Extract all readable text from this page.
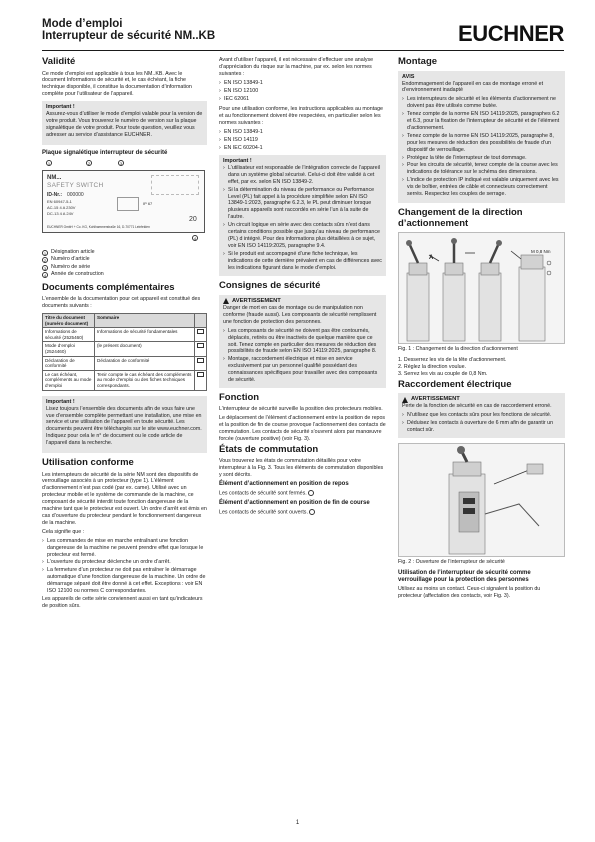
Mode d’emploi
Interrupteur de sécurité NM..KB	EUCHNER
Validité

Ce mode d’emploi est applicable à tous les NM..KB. Avec le document Informations de sécurité et, le cas échéant, la fiche technique disponible, il constitue la documentation d’information complète pour l’utilisateur de l’appareil.

Important !

Assurez-vous d’utiliser le mode d’emploi valable pour la version de votre produit. Vous trouverez le numéro de version sur la plaque signalétique de votre produit. Pour toute question, veuillez vous adresser au service d’assistance EUCHNER.

Plaque signalétique interrupteur de sécurité
1	2	3
NM...
SAFETY SWITCH
ID-Nr.: 000000
EN 60947-5-1
AC-15 4 A 230V
DC-13 4 A 24V
IP 67
EUCHNER GmbH + Co. KG, Kohlhammerstraße 16, D-70771 Leinfelden
20
4
1 Désignation article
2 Numéro d’article
3 Numéro de série
4 Année de construction
Documents complémentaires

L’ensemble de la documentation pour cet appareil est constitué des documents suivants :

Titre du document (numéro document)	Sommaire	
Informations de sécurité (2525460)	Informations de sécurité fondamentales	
Mode d’emploi (2524460)	(le présent document)	
Déclaration de conformité	Déclaration de conformité	
Le cas échéant, compléments au mode d’emploi	Tenir compte le cas échéant des compléments au mode d’emploi ou des fiches techniques correspondants.	
Important !

Lisez toujours l’ensemble des documents afin de vous faire une vue d’ensemble complète permettant une installation, une mise en service et une utilisation de l’appareil en toute sécurité. Les documents peuvent être téléchargés sur le site www.euchner.com. Indiquez pour cela le n° de document ou le code article de l’appareil dans la recherche.

Utilisation conforme

Les interrupteurs de sécurité de la série NM sont des dispositifs de verrouillage associés à un protecteur (type 1). L’élément d’actionnement n’est pas codé (par ex. came). Utilisé avec un protecteur mobile et le système de commande de la machine, ce composant de sécurité interdit toute fonction dangereuse de la machine tant que le protecteur est ouvert. Un ordre d’arrêt est émis en cas d’ouverture du protecteur pendant le fonctionnement dangereux de la machine.

Cela signifie que :

› Les commandes de mise en marche entraînant une fonction dangereuse de la machine ne peuvent prendre effet que lorsque le protecteur est fermé.
› L’ouverture du protecteur déclenche un ordre d’arrêt.
› La fermeture d’un protecteur ne doit pas entraîner le démarrage automatique d’une fonction dangereuse de la machine. Un ordre de démarrage séparé doit être donné à cet effet. Exceptions : voir EN ISO 12100 ou normes C correspondantes.

Les appareils de cette série conviennent aussi en tant qu’indicateurs de position sûrs.

Avant d’utiliser l’appareil, il est nécessaire d’effectuer une analyse d’appréciation du risque sur la machine, par ex. selon les normes suivantes :

› EN ISO 13849-1
› EN ISO 12100
› IEC 62061

Pour une utilisation conforme, les instructions applicables au montage et au fonctionnement doivent être respectées, en particulier selon les normes suivantes :

› EN ISO 13849-1
› EN ISO 14119
› EN IEC 60204-1
Important !
› L’utilisateur est responsable de l’intégration correcte de l’appareil dans un système global sécurisé. Celui-ci doit être validé à cet effet, par ex. selon EN ISO 13849-2.
› Si la détermination du niveau de performance ou Performance Level (PL) fait appel à la procédure simplifiée selon EN ISO 13849-1:2023, paragraphe 6.2.3, le PL peut diminuer lorsque plusieurs appareils sont raccordés en série l’un à la suite de l’autre.
› Un circuit logique en série avec des contacts sûrs n’est dans certains conditions possible que jusqu’au niveau de performance (PL) d intégré. Pour des informations plus détaillées à ce sujet, voir EN ISO 14119:2025, paragraphe 9.4.
› Si le produit est accompagné d’une fiche technique, les indications de cette dernière prévalent en cas de différences avec les indications figurant dans le mode d’emploi.
Consignes de sécurité
AVERTISSEMENT

Danger de mort en cas de montage ou de manipulation non conforme (fraude aussi). Les composants de sécurité remplissent une fonction de protection des personnes.

› Les composants de sécurité ne doivent pas être contournés, déplacés, retirés ou être inactivés de quelque manière que ce soit. Tenez compte en particulier des mesures de réduction des possibilités de fraude selon EN ISO 14119:2025, paragraphe 8.
› Montage, raccordement électrique et mise en service exclusivement par un personnel qualifié possédant des connaissances spécifiques pour travailler avec des composants de sécurité.
Fonction

L’interrupteur de sécurité surveille la position des protecteurs mobiles.

Le déplacement de l’élément d’actionnement entre la position de repos et la position de fin de course provoque l’actionnement des contacts de commutation. Les contacts de sécurité s’ouvrent alors par manœuvre forcée (ouverture positive) (voir Fig. 3).

États de commutation

Vous trouverez les états de commutation détaillés pour votre interrupteur à la Fig. 3. Tous les éléments de commutation disponibles y sont décrits.

Élément d’actionnement en position de repos

Les contacts de sécurité sont fermés.

Élément d’actionnement en position de fin de course

Les contacts de sécurité sont ouverts.

Montage
AVIS

Endommagement de l’appareil en cas de montage erroné et d’environnement inadapté

› Les interrupteurs de sécurité et les éléments d’actionnement ne doivent pas être utilisés comme butée.
› Tenez compte de la norme EN ISO 14119:2025, paragraphes 6.2 et 6.3, pour la fixation de l’interrupteur de sécurité et de l’élément d’actionnement.
› Tenez compte de la norme EN ISO 14119:2025, paragraphe 8, pour les mesures de réduction des possibilités de fraude d’un dispositif de verrouillage.
› Protégez la tête de l’interrupteur de tout dommage.
› Pour les circuits de sécurité, tenez compte de la course avec les indications de tolérance sur le schéma des dimensions.
› L’indice de protection IP indiqué est valable uniquement avec les vis de boîtier, entrées de câble et connecteurs correctement serrés. Respectez les couples de serrage.
Changement de la direction d’actionnement
A
M 0,8 Nm
Fig. 1 : Changement de la direction d’actionnement

1. Desserrez les vis de la tête d’actionnement.

2. Réglez la direction voulue.

3. Serrez les vis au couple de 0,8 Nm.

Raccordement électrique
AVERTISSEMENT

Perte de la fonction de sécurité en cas de raccordement erroné.

› N’utilisez que les contacts sûrs pour les fonctions de sécurité.
› Déduisez les contacts à ouverture de 6 mm afin de garantir un contact sûr.
Fig. 2 : Ouverture de l’interrupteur de sécurité
Utilisation de l’interrupteur de sécurité comme verrouillage pour la protection des personnes

Utilisez au moins un contact. Ceux-ci signalent la position du protecteur (affectation des contacts, voir Fig. 3).

1
